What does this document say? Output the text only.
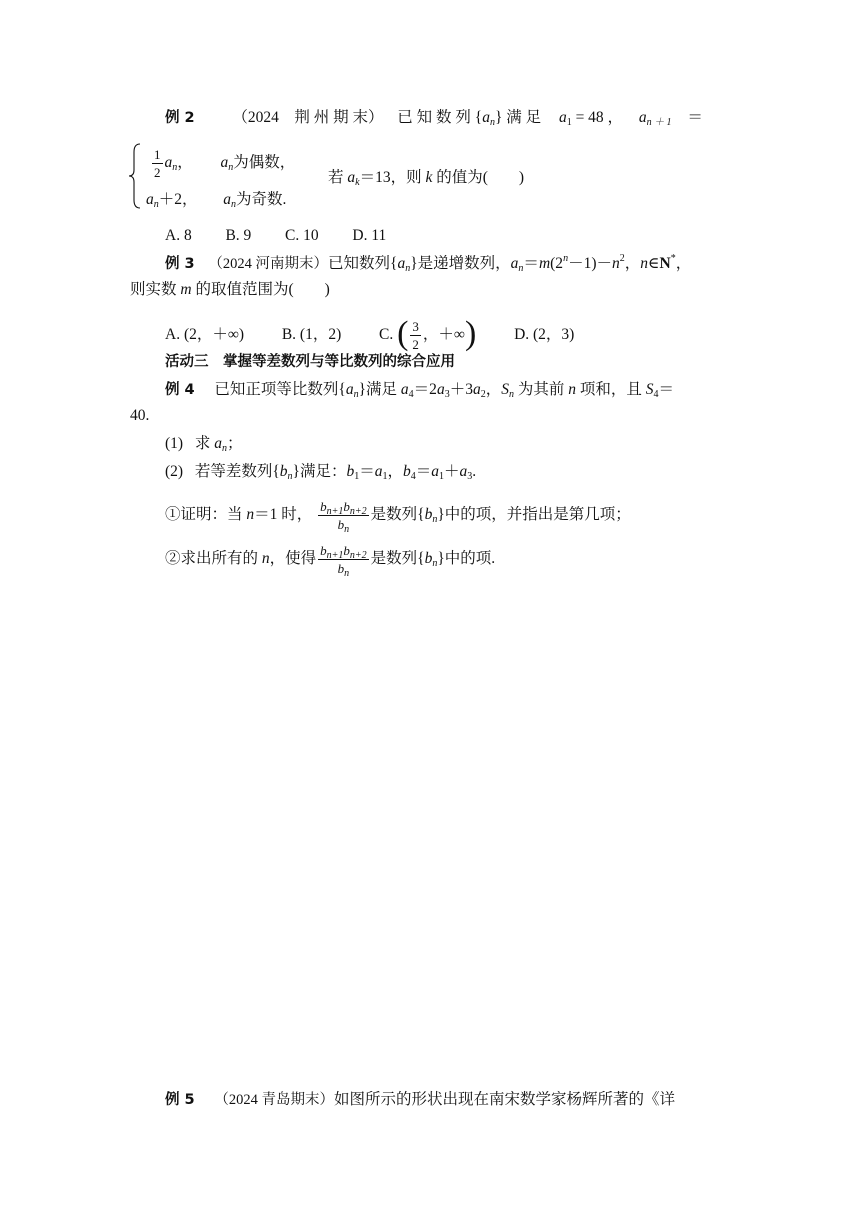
例 2 （2024　荆 州 期 末） 已 知 数 列 $\{a_n\}$ 满 足 $a_1 = 48$ ， $a_{n + 1}$ ＝
$\frac{1}{2} a_n$， $a_n$为偶数，
$a_n+2$， $a_n$为奇数.
若 $a_k=13$，则 k 的值为(　　)
A. 8 B. 9 C. 10 D. 11
例 3 （2024 河南期末）已知数列$\{a_n\}$是递增数列，$a_n=m(2^n-1)-n^2$，n∈N*，
则实数 m 的取值范围为(　　)
A. (2，＋∞) B. (1，2) C. ( $\frac{3}{2}$ ，＋∞) D. (2，3)
活动三　掌握等差数列与等比数列的综合应用
例 4 已知正项等比数列$\{a_n\}$满足 $a_4=2a_3+3a_2$，$S_n$ 为其前 n 项和，且 $S_4=$
40.
(1) 求 $a_n$；
(2) 若等差数列$\{b_n\}$满足：$b_1=a_1$，$b_4=a_1+a_3$.
①证明：当 n＝1 时， $\frac{b_{n+1}b_{n+2}}{b_n}$ 是数列$\{b_n\}$中的项，并指出是第几项；
②求出所有的 n，使得 $\frac{b_{n+1}b_{n+2}}{b_n}$ 是数列$\{b_n\}$中的项.
例 5 （2024 青岛期末）如图所示的形状出现在南宋数学家杨辉所著的《详
